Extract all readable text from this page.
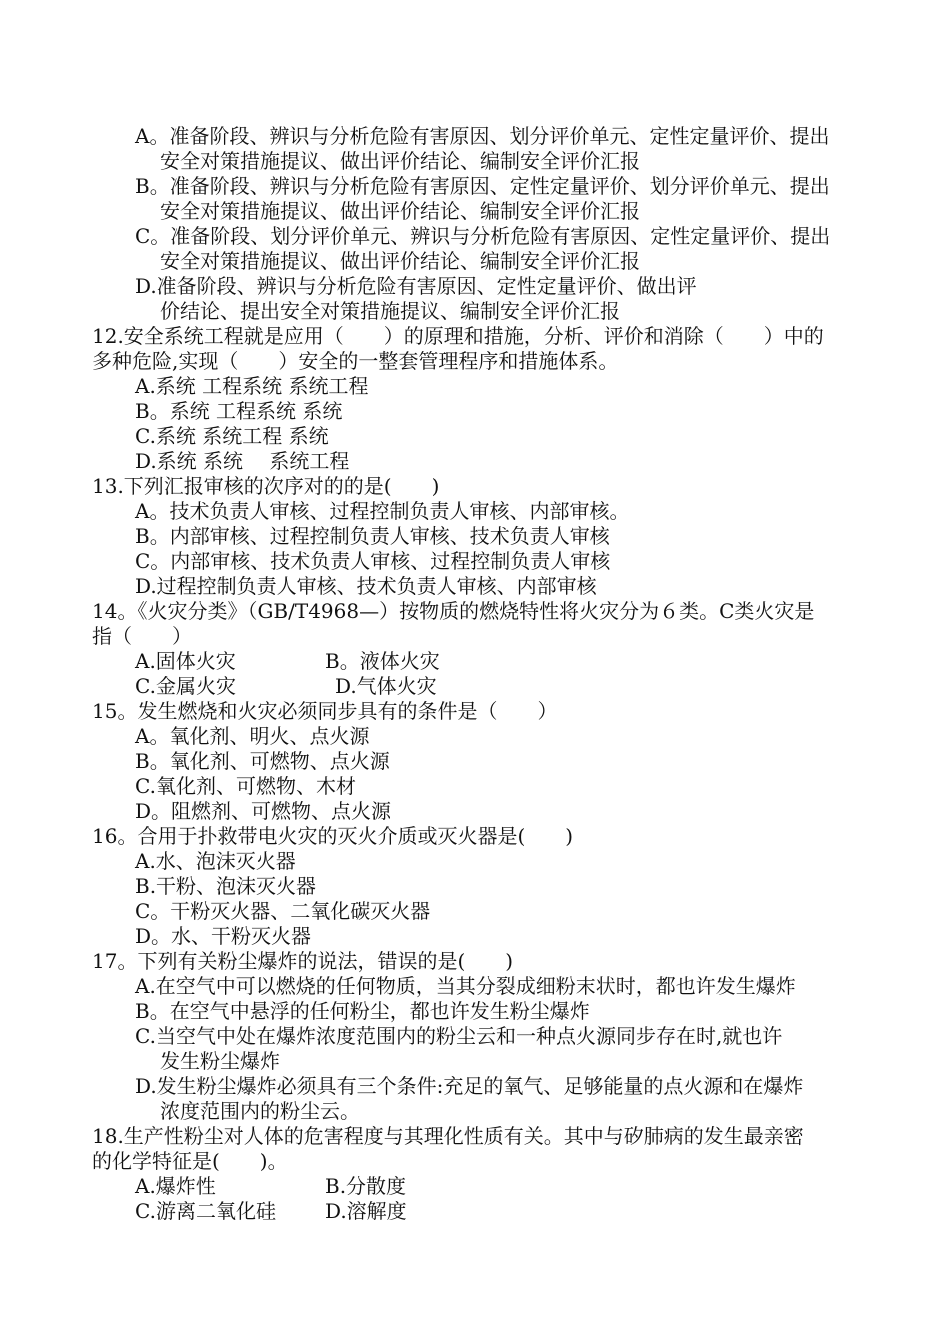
A。准备阶段、辨识与分析危险有害原因、划分评价单元、定性定量评价、提出
安全对策措施提议、做出评价结论、编制安全评价汇报
B。准备阶段、辨识与分析危险有害原因、定性定量评价、划分评价单元、提出
安全对策措施提议、做出评价结论、编制安全评价汇报
C。准备阶段、划分评价单元、辨识与分析危险有害原因、定性定量评价、提出
安全对策措施提议、做出评价结论、编制安全评价汇报
D.准备阶段、辨识与分析危险有害原因、定性定量评价、做出评
价结论、提出安全对策措施提议、编制安全评价汇报
12.安全系统工程就是应用（　　）的原理和措施，分析、评价和消除（　　）中的
多种危险,实现（　　）安全的一整套管理程序和措施体系。
A.系统 工程系统 系统工程
B。系统 工程系统 系统
C.系统 系统工程 系统
D.系统 系统　 系统工程
13.下列汇报审核的次序对的的是(　　)
A。技术负责人审核、过程控制负责人审核、内部审核。
B。内部审核、过程控制负责人审核、技术负责人审核
C。内部审核、技术负责人审核、过程控制负责人审核
D.过程控制负责人审核、技术负责人审核、内部审核
14。《火灾分类》（GB/T4968—）按物质的燃烧特性将火灾分为６类。C类火灾是
指（　　）
A.固体火灾
C.金属火灾
15。发生燃烧和火灾必须同步具有的条件是（　　）
A。氧化剂、明火、点火源
B。氧化剂、可燃物、点火源
C.氧化剂、可燃物、木材
D。阻燃剂、可燃物、点火源
16。合用于扑救带电火灾的灭火介质或灭火器是(　　)
A.水、泡沫灭火器
B.干粉、泡沫灭火器
C。干粉灭火器、二氧化碳灭火器
D。水、干粉灭火器
17。下列有关粉尘爆炸的说法，错误的是(　　)
A.在空气中可以燃烧的任何物质，当其分裂成细粉末状时，都也许发生爆炸
B。在空气中悬浮的任何粉尘，都也许发生粉尘爆炸
C.当空气中处在爆炸浓度范围内的粉尘云和一种点火源同步存在时,就也许
发生粉尘爆炸
D.发生粉尘爆炸必须具有三个条件:充足的氧气、足够能量的点火源和在爆炸
浓度范围内的粉尘云。
18.生产性粉尘对人体的危害程度与其理化性质有关。其中与矽肺病的发生最亲密
的化学特征是(　　)。
A.爆炸性
C.游离二氧化硅
B。液体火灾
D.气体火灾
B.分散度
D.溶解度
